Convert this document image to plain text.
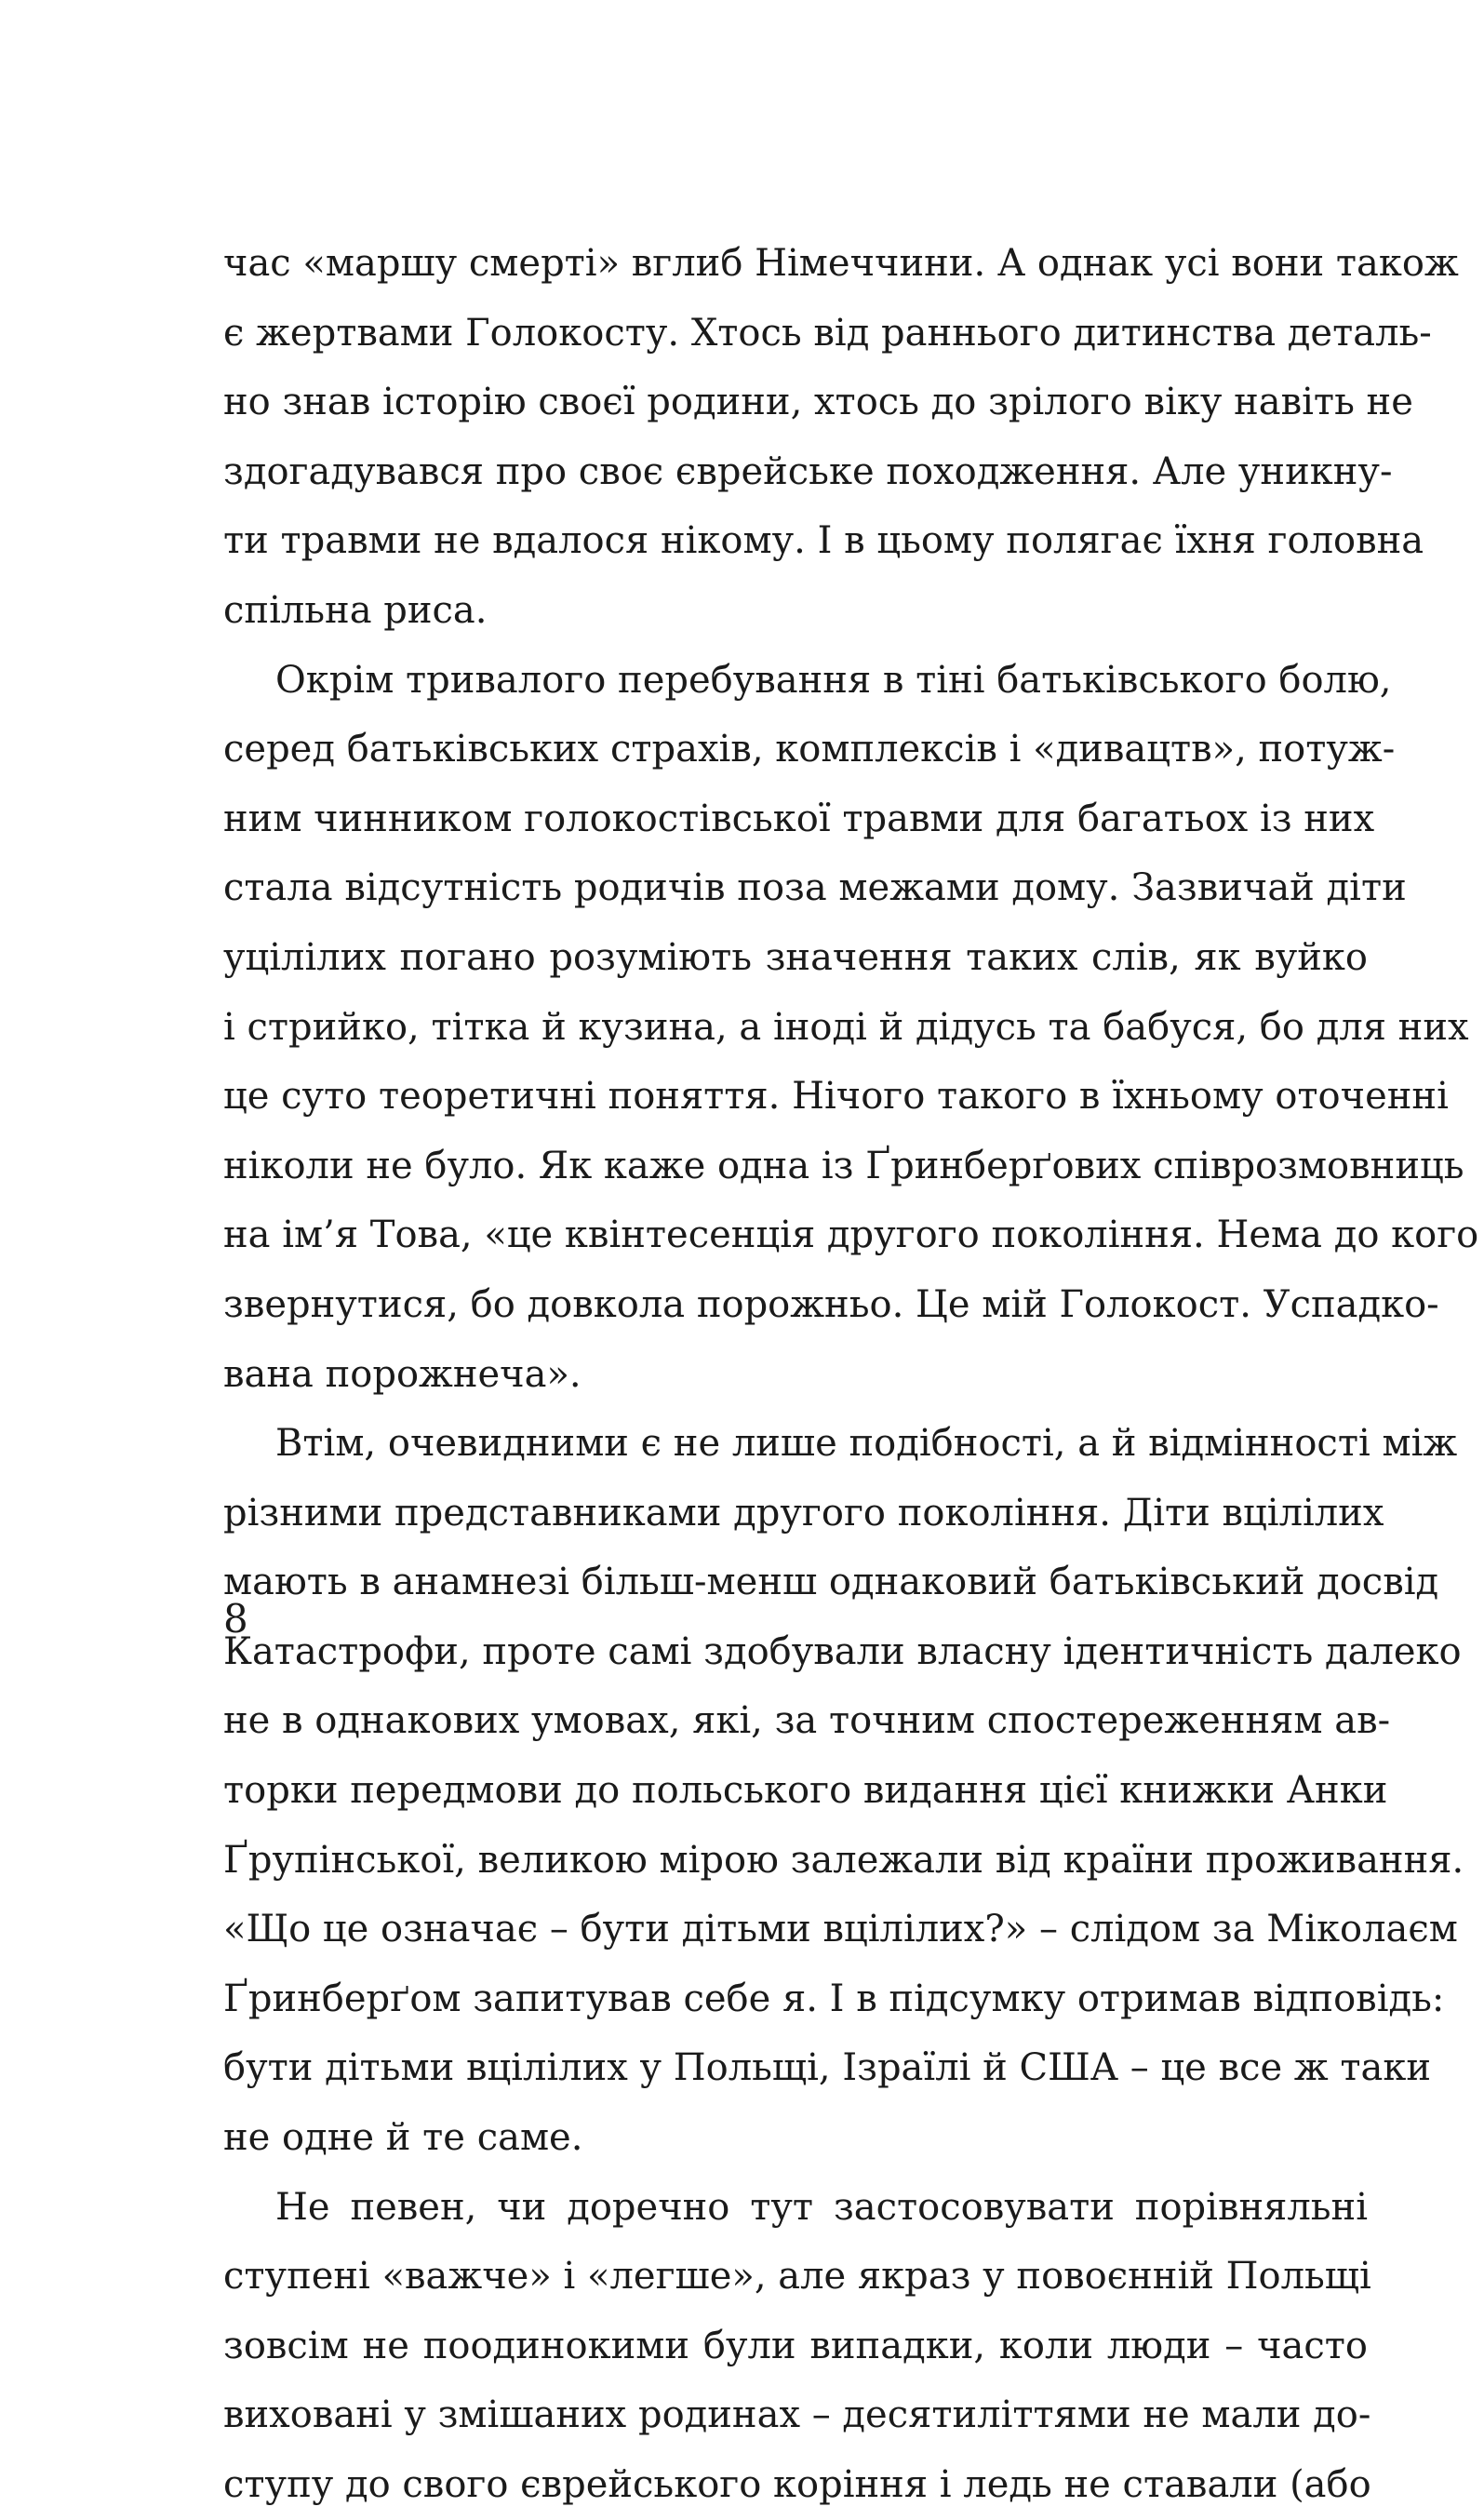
час «маршу смерті» вглиб Німеччини. А однак усі вони також
є жертвами Голокосту. Хтось від раннього дитинства деталь-
но знав історію своєї родини, хтось до зрілого віку навіть не
здогадувався про своє єврейське походження. Але уникну-
ти травми не вдалося нікому. І в цьому полягає їхня головна
спільна риса.
Окрім тривалого перебування в тіні батьківського болю,
серед батьківських страхів, комплексів і «дивацтв», потуж-
ним чинником голокостівської травми для багатьох із них
стала відсутність родичів поза межами дому. Зазвичай діти
уцілілих погано розуміють значення таких слів, як вуйко
і стрийко, тітка й кузина, а іноді й дідусь та бабуся, бо для них
це суто теоретичні поняття. Нічого такого в їхньому оточенні
ніколи не було. Як каже одна із Ґринберґових співрозмовниць
на ім’я Това, «це квінтесенція другого покоління. Нема до кого
звернутися, бо довкола порожньо. Це мій Голокост. Успадко-
вана порожнеча».
Втім, очевидними є не лише подібності, а й відмінності між
різними представниками другого покоління. Діти вцілілих
мають в анамнезі більш-менш однаковий батьківський досвід
Катастрофи, проте самі здобували власну ідентичність далеко
не в однакових умовах, які, за точним спостереженням ав-
торки передмови до польського видання цієї книжки Анки
Ґрупінської, великою мірою залежали від країни проживання.
«Що це означає – бути дітьми вцілілих?» – слідом за Міколаєм
Ґринберґом запитував себе я. І в підсумку отримав відповідь:
бути дітьми вцілілих у Польщі, Ізраїлі й США – це все ж таки
не одне й те саме.
Не певен, чи доречно тут застосовувати порівняльні
ступені «важче» і «легше», але якраз у повоєнній Польщі
зовсім не поодинокими були випадки, коли люди – часто
виховані у змішаних родинах – десятиліттями не мали до-
ступу до свого єврейського коріння і ледь не ставали (або
8
